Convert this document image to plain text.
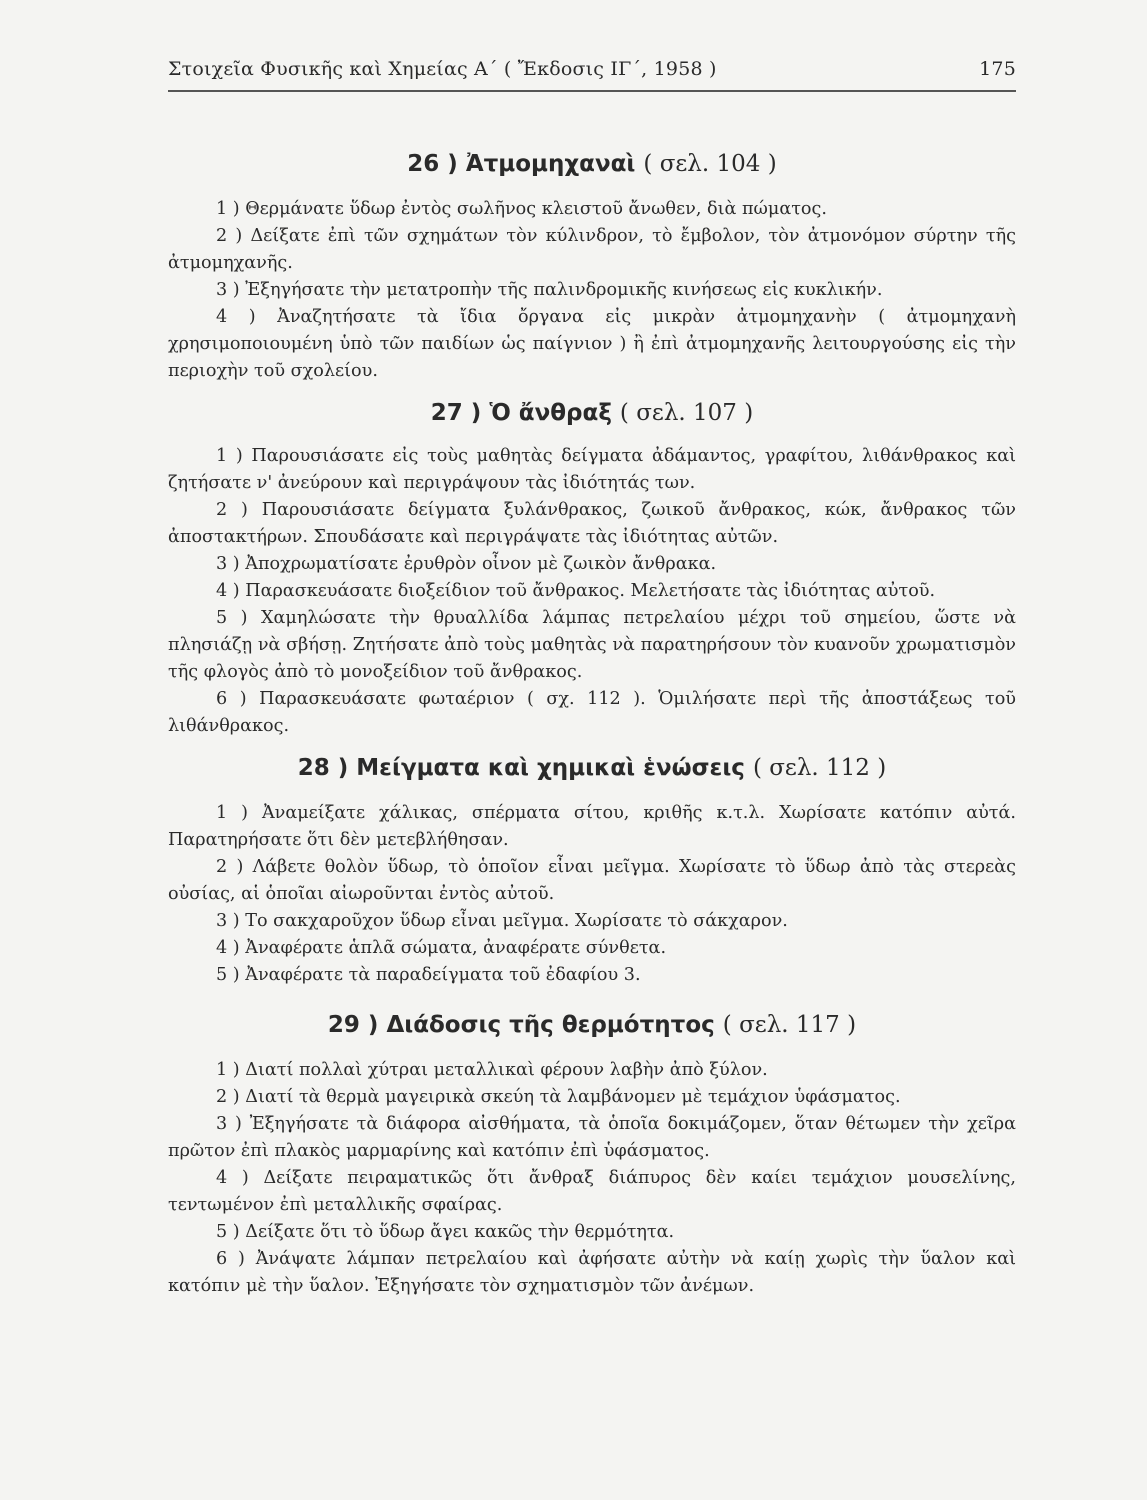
Στοιχεῖα Φυσικῆς καὶ Χημείας Α΄ ( Ἔκδοσις ΙΓ΄, 1958 )	175
26 ) Ἀτμομηχαναὶ ( σελ. 104 )

1 ) Θερμάνατε ὕδωρ ἐντὸς σωλῆνος κλειστοῦ ἄνωθεν, διὰ πώματος.

2 ) Δείξατε ἐπὶ τῶν σχημάτων τὸν κύλινδρον, τὸ ἔμβολον, τὸν ἀτμονόμον σύρτην τῆς ἀτμομηχανῆς.

3 ) Ἐξηγήσατε τὴν μετατροπὴν τῆς παλινδρομικῆς κινήσεως εἰς κυκλικήν.

4 ) Ἀναζητήσατε τὰ ἴδια ὄργανα εἰς μικρὰν ἀτμομηχανὴν ( ἀτμομηχανὴ χρησιμοποιουμένη ὑπὸ τῶν παιδίων ὡς παίγνιον ) ἢ ἐπὶ ἀτμομηχανῆς λειτουργούσης εἰς τὴν περιοχὴν τοῦ σχολείου.

27 ) Ὁ ἄνθραξ ( σελ. 107 )

1 ) Παρουσιάσατε εἰς τοὺς μαθητὰς δείγματα ἀδάμαντος, γραφίτου, λιθάνθρακος καὶ ζητήσατε ν' ἀνεύρουν καὶ περιγράψουν τὰς ἰδιότητάς των.

2 ) Παρουσιάσατε δείγματα ξυλάνθρακος, ζωικοῦ ἄνθρακος, κώκ, ἄνθρακος τῶν ἀποστακτήρων. Σπουδάσατε καὶ περιγράψατε τὰς ἰδιότητας αὐτῶν.

3 ) Ἀποχρωματίσατε ἐρυθρὸν οἶνον μὲ ζωικὸν ἄνθρακα.

4 ) Παρασκευάσατε διοξείδιον τοῦ ἄνθρακος. Μελετήσατε τὰς ἰδιότητας αὐτοῦ.

5 ) Χαμηλώσατε τὴν θρυαλλίδα λάμπας πετρελαίου μέχρι τοῦ σημείου, ὥστε νὰ πλησιάζῃ νὰ σβήσῃ. Ζητήσατε ἀπὸ τοὺς μαθητὰς νὰ παρατηρήσουν τὸν κυανοῦν χρωματισμὸν τῆς φλογὸς ἀπὸ τὸ μονοξείδιον τοῦ ἄνθρακος.

6 ) Παρασκευάσατε φωταέριον ( σχ. 112 ). Ὁμιλήσατε περὶ τῆς ἀποστάξεως τοῦ λιθάνθρακος.

28 ) Μείγματα καὶ χημικαὶ ἑνώσεις ( σελ. 112 )

1 ) Ἀναμείξατε χάλικας, σπέρματα σίτου, κριθῆς κ.τ.λ. Χωρίσατε κατόπιν αὐτά. Παρατηρήσατε ὅτι δὲν μετεβλήθησαν.

2 ) Λάβετε θολὸν ὕδωρ, τὸ ὁποῖον εἶναι μεῖγμα. Χωρίσατε τὸ ὕδωρ ἀπὸ τὰς στερεὰς οὐσίας, αἱ ὁποῖαι αἰωροῦνται ἐντὸς αὐτοῦ.

3 ) Το σακχαροῦχον ὕδωρ εἶναι μεῖγμα. Χωρίσατε τὸ σάκχαρον.

4 ) Ἀναφέρατε ἁπλᾶ σώματα, ἀναφέρατε σύνθετα.

5 ) Ἀναφέρατε τὰ παραδείγματα τοῦ ἐδαφίου 3.

29 ) Διάδοσις τῆς θερμότητος ( σελ. 117 )

1 ) Διατί πολλαὶ χύτραι μεταλλικαὶ φέρουν λαβὴν ἀπὸ ξύλον.

2 ) Διατί τὰ θερμὰ μαγειρικὰ σκεύη τὰ λαμβάνομεν μὲ τεμάχιον ὑφάσματος.

3 ) Ἐξηγήσατε τὰ διάφορα αἰσθήματα, τὰ ὁποῖα δοκιμάζομεν, ὅταν θέτωμεν τὴν χεῖρα πρῶτον ἐπὶ πλακὸς μαρμαρίνης καὶ κατόπιν ἐπὶ ὑφάσματος.

4 ) Δείξατε πειραματικῶς ὅτι ἄνθραξ διάπυρος δὲν καίει τεμάχιον μουσελίνης, τεντωμένον ἐπὶ μεταλλικῆς σφαίρας.

5 ) Δείξατε ὅτι τὸ ὕδωρ ἄγει κακῶς τὴν θερμότητα.

6 ) Ἀνάψατε λάμπαν πετρελαίου καὶ ἀφήσατε αὐτὴν νὰ καίῃ χωρὶς τὴν ὕαλον καὶ κατόπιν μὲ τὴν ὕαλον. Ἐξηγήσατε τὸν σχηματισμὸν τῶν ἀνέμων.
